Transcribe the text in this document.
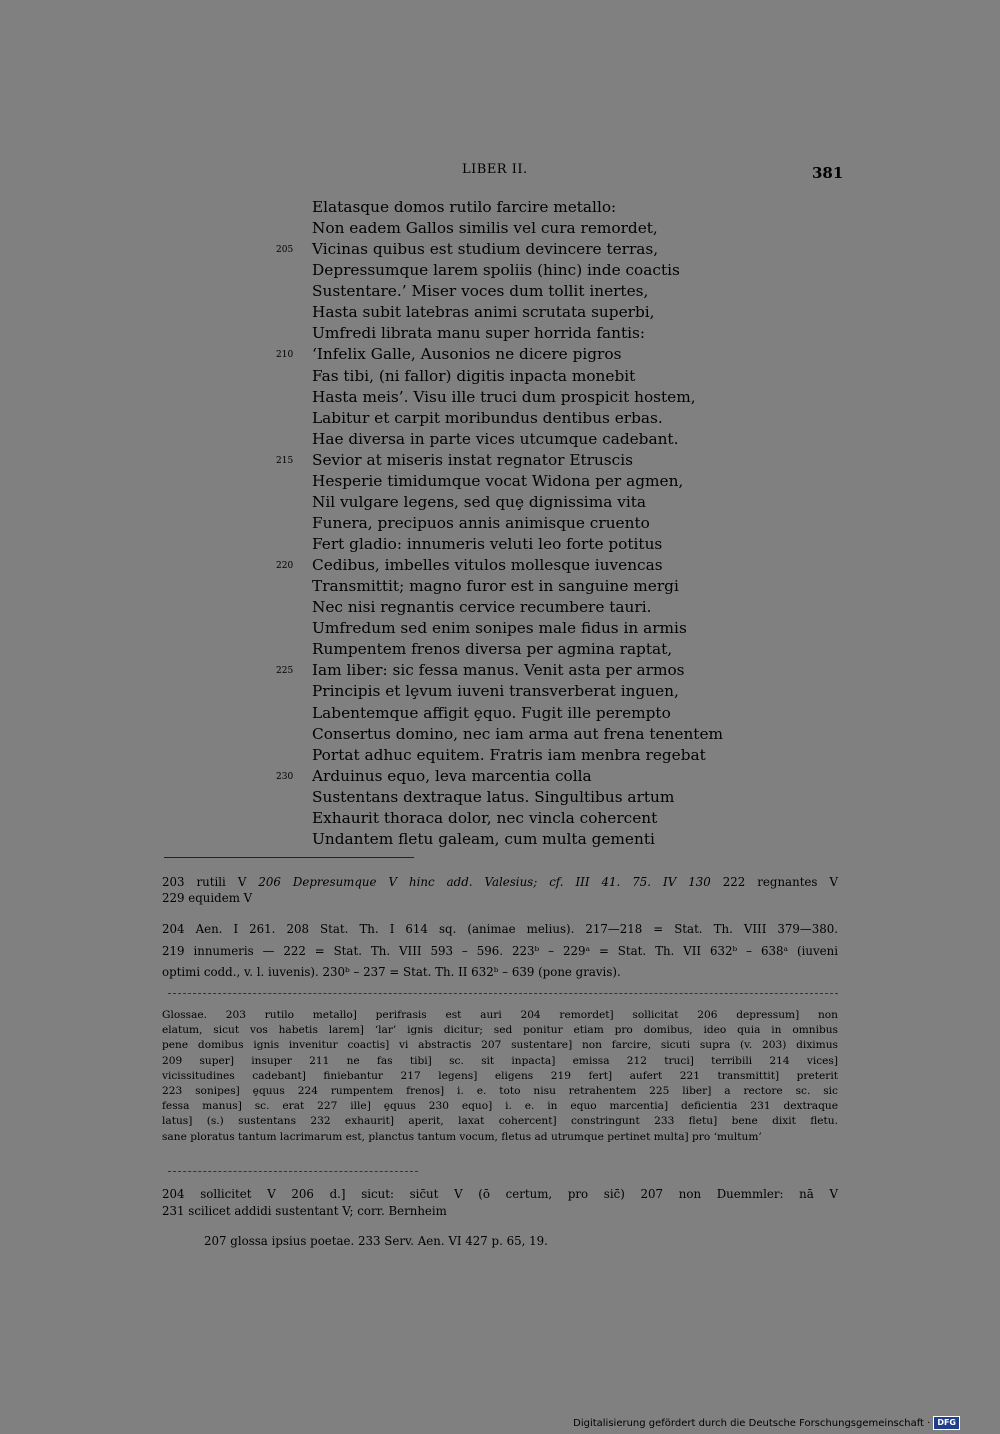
LIBER II.	381
Elatasque domos rutilo farcire metallo:
Non eadem Gallos similis vel cura remordet,
205 Vicinas quibus est studium devincere terras,
Depressumque larem spoliis (hinc) inde coactis
Sustentare.’ Miser voces dum tollit inertes,
Hasta subit latebras animi scrutata superbi,
Umfredi librata manu super horrida fantis:
210 ‘Infelix Galle, Ausonios ne dicere pigros
Fas tibi, (ni fallor) digitis inpacta monebit
Hasta meis’. Visu ille truci dum prospicit hostem,
Labitur et carpit moribundus dentibus erbas.
Hae diversa in parte vices utcumque cadebant.
215 Sevior at miseris instat regnator Etruscis
Hesperie timidumque vocat Widona per agmen,
Nil vulgare legens, sed quȩ dignissima vita
Funera, precipuos annis animisque cruento
Fert gladio: innumeris veluti leo forte potitus
220 Cedibus, imbelles vitulos mollesque iuvencas
Transmittit; magno furor est in sanguine mergi
Nec nisi regnantis cervice recumbere tauri.
Umfredum sed enim sonipes male fidus in armis
Rumpentem frenos diversa per agmina raptat,
225 Iam liber: sic fessa manus. Venit asta per armos
Principis et lȩvum iuveni transverberat inguen,
Labentemque affigit ȩquo. Fugit ille perempto
Consertus domino, nec iam arma aut frena tenentem
Portat adhuc equitem. Fratris iam menbra regebat
230 Arduinus equo, leva marcentia colla
Sustentans dextraque latus. Singultibus artum
Exhaurit thoraca dolor, nec vincla cohercent
Undantem fletu galeam, cum multa gementi
203 rutili V 206 Depresumque V hinc add. Valesius; cf. III 41. 75. IV 130 222 regnantes V
229 equidem V
204 Aen. I 261. 208 Stat. Th. I 614 sq. (animae melius). 217—218 = Stat. Th. VIII 379—380.
219 innumeris — 222 = Stat. Th. VIII 593 – 596. 223ᵇ – 229ᵃ = Stat. Th. VII 632ᵇ – 638ᵃ (iuveni
optimi codd., v. l. iuvenis). 230ᵇ – 237 = Stat. Th. II 632ᵇ – 639 (pone gravis).
Glossae. 203 rutilo metallo] perifrasis est auri 204 remordet] sollicitat 206 depressum] non
elatum, sicut vos habetis larem] ‘lar’ ignis dicitur; sed ponitur etiam pro domibus, ideo quia in omnibus
pene domibus ignis invenitur coactis] vi abstractis 207 sustentare] non farcire, sicuti supra (v. 203) diximus
209 super] insuper 211 ne fas tibi] sc. sit inpacta] emissa 212 truci] terribili 214 vices]
vicissitudines cadebant] finiebantur 217 legens] eligens 219 fert] aufert 221 transmittit] preterit
223 sonipes] ȩquus 224 rumpentem frenos] i. e. toto nisu retrahentem 225 liber] a rectore sc. sic
fessa manus] sc. erat 227 ille] ȩquus 230 equo] i. e. in equo marcentia] deficientia 231 dextraque
latus] (s.) sustentans 232 exhaurit] aperit, laxat cohercent] constringunt 233 fletu] bene dixit fletu.
sane ploratus tantum lacrimarum est, planctus tantum vocum, fletus ad utrumque pertinet multa] pro ‘multum’
204 sollicitet V 206 d.] sicut: sic̄ut V (ō certum, pro sic̄) 207 non Duemmler: nā V
231 scilicet addidi sustentant V; corr. Bernheim
207 glossa ipsius poetae. 233 Serv. Aen. VI 427 p. 65, 19.
Digitalisierung gefördert durch die Deutsche Forschungsgemeinschaft · DFG
